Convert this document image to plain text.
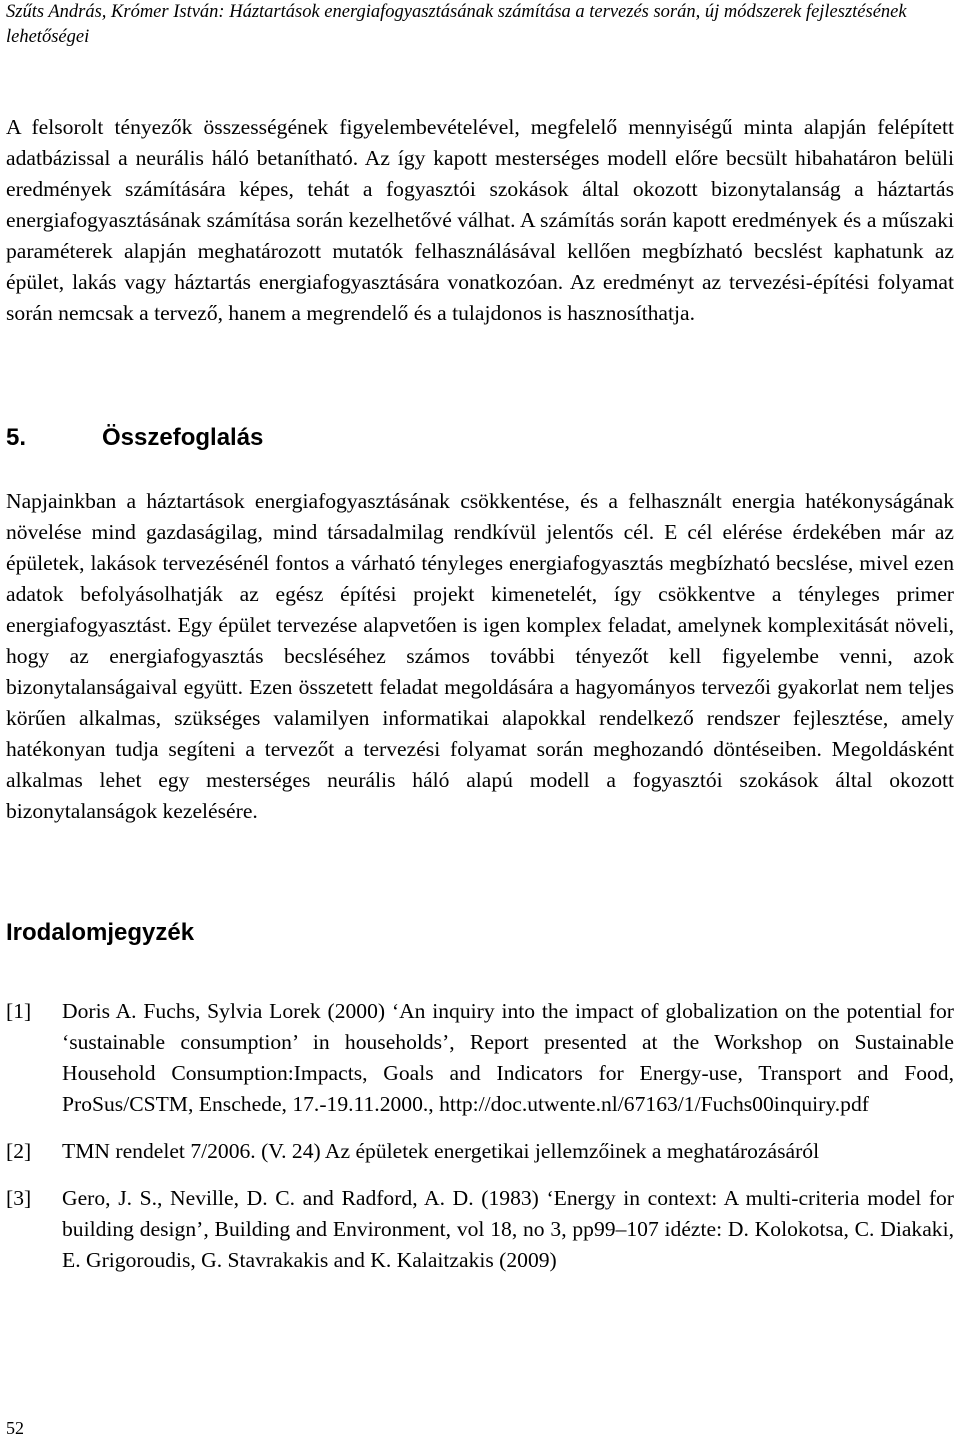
Szűts András, Krómer István: Háztartások energiafogyasztásának számítása a tervezés során, új módszerek fejlesztésének lehetőségei

A felsorolt tényezők összességének figyelembevételével, megfelelő mennyiségű minta alapján felépített adatbázissal a neurális háló betanítható. Az így kapott mesterséges modell előre becsült hibahatáron belüli eredmények számítására képes, tehát a fogyasztói szokások által okozott bizonytalanság a háztartás energiafogyasztásának számítása során kezelhetővé válhat. A számítás során kapott eredmények és a műszaki paraméterek alapján meghatározott mutatók felhasználásával kellően megbízható becslést kaphatunk az épület, lakás vagy háztartás energiafogyasztására vonatkozóan. Az eredményt az tervezési-építési folyamat során nemcsak a tervező, hanem a megrendelő és a tulajdonos is hasznosíthatja.

5.	Összefoglalás

Napjainkban a háztartások energiafogyasztásának csökkentése, és a felhasznált energia hatékonyságának növelése mind gazdaságilag, mind társadalmilag rendkívül jelentős cél. E cél elérése érdekében már az épületek, lakások tervezésénél fontos a várható tényleges energiafogyasztás megbízható becslése, mivel ezen adatok befolyásolhatják az egész építési projekt kimenetelét, így csökkentve a tényleges primer energiafogyasztást. Egy épület tervezése alapvetően is igen komplex feladat, amelynek komplexitását növeli, hogy az energiafogyasztás becsléséhez számos további tényezőt kell figyelembe venni, azok bizonytalanságaival együtt. Ezen összetett feladat megoldására a hagyományos tervezői gyakorlat nem teljes körűen alkalmas, szükséges valamilyen informatikai alapokkal rendelkező rendszer fejlesztése, amely hatékonyan tudja segíteni a tervezőt a tervezési folyamat során meghozandó döntéseiben. Megoldásként alkalmas lehet egy mesterséges neurális háló alapú modell a fogyasztói szokások által okozott bizonytalanságok kezelésére.

Irodalomjegyzék
[1] Doris A. Fuchs, Sylvia Lorek (2000) ‘An inquiry into the impact of globalization on the potential for ‘sustainable consumption’ in households’, Report presented at the Workshop on Sustainable Household Consumption:Impacts, Goals and Indicators for Energy-use, Transport and Food, ProSus/CSTM, Enschede, 17.-19.11.2000., http://doc.utwente.nl/67163/1/Fuchs00inquiry.pdf
[2] TMN rendelet 7/2006. (V. 24) Az épületek energetikai jellemzőinek a meghatározásáról
[3] Gero, J. S., Neville, D. C. and Radford, A. D. (1983) ‘Energy in context: A multi-criteria model for building design’, Building and Environment, vol 18, no 3, pp99–107 idézte: D. Kolokotsa, C. Diakaki, E. Grigoroudis, G. Stavrakakis and K. Kalaitzakis (2009)
52
